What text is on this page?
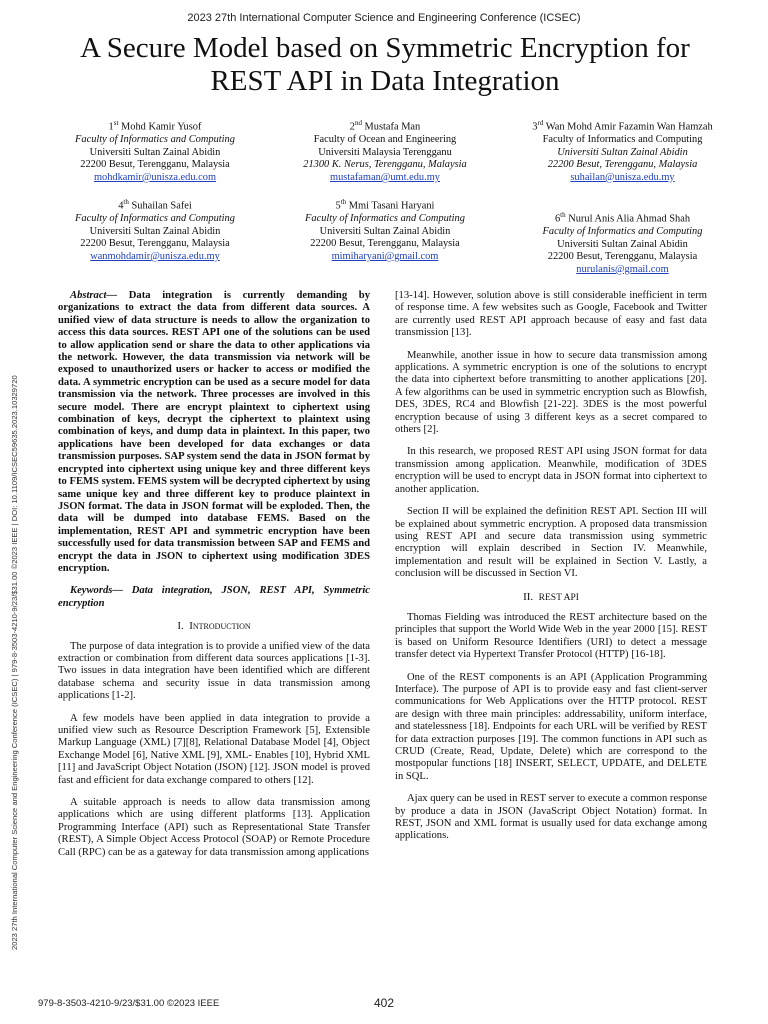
2023 27th International Computer Science and Engineering Conference (ICSEC)
A Secure Model based on Symmetric Encryption for
REST API in Data Integration
1st Mohd Kamir Yusof
Faculty of Informatics and Computing
Universiti Sultan Zainal Abidin
22200 Besut, Terengganu, Malaysia
mohdkamir@unisza.edu.com
2nd Mustafa Man
Faculty of Ocean and Engineering
Universiti Malaysia Terengganu
21300 K. Nerus, Terengganu, Malaysia
mustafaman@umt.edu.my
3rd Wan Mohd Amir Fazamin Wan Hamzah
Faculty of Informatics and Computing
Universiti Sultan Zainal Abidin
22200 Besut, Terengganu, Malaysia
suhailan@unisza.edu.my
4th Suhailan Safei
Faculty of Informatics and Computing
Universiti Sultan Zainal Abidin
22200 Besut, Terengganu, Malaysia
wanmohdamir@unisza.edu.my
5th Mmi Tasani Haryani
Faculty of Informatics and Computing
Universiti Sultan Zainal Abidin
22200 Besut, Terengganu, Malaysia
mimiharyani@gmail.com
6th Nurul Anis Alia Ahmad Shah
Faculty of Informatics and Computing
Universiti Sultan Zainal Abidin
22200 Besut, Terengganu, Malaysia
nurulanis@gmail.com
2023 27th International Computer Science and Engineering Conference (ICSEC) | 979-8-3503-4210-9/23/$31.00 ©2023 IEEE | DOI: 10.1109/ICSEC59635.2023.10329720

Abstract— Data integration is currently demanding by organizations to extract the data from different data sources. A unified view of data structure is needs to allow the organization to access this data sources. REST API one of the solutions can be used to allow application send or share the data to other applications via the network. However, the data transmission via network will be exposed to unauthorized users or hacker to access or modified the data. A symmetric encryption can be used as a secure model for data transmission via the network. Three processes are involved in this secure model. There are encrypt plaintext to ciphertext using combination of keys, decrypt the ciphertext to plaintext using combination of keys, and dump data in plaintext. In this paper, two applications have been developed for data exchanges or data transmission purposes. SAP system send the data in JSON format by encrypted into ciphertext using unique key and three different keys to FEMS system. FEMS system will be decrypted ciphertext by using same unique key and three different key to produce plaintext in JSON format. The data in JSON format will be exploded. Then, the data will be dumped into database FEMS. Based on the implementation, REST API and symmetric encryption have been successfully used for data transmission between SAP and FEMS and encrypt the data in JSON to ciphertext using modification 3DES encryption.

Keywords— Data integration, JSON, REST API, Symmetric encryption

I. Introduction

The purpose of data integration is to provide a unified view of the data extraction or combination from different data sources applications [1-3]. Two issues in data integration have been identified which are different database schema and security issue in data transmission among applications [1-2].

A few models have been applied in data integration to provide a unified view such as Resource Description Framework [5], Extensible Markup Language (XML) [7][8], Relational Database Model [4], Object Exchange Model [6], Native XML [9], XML- Enables [10], Hybrid XML [11] and JavaScript Object Notation (JSON) [12]. JSON model is proved fast and efficient for data exchange compared to others [12].

A suitable approach is needs to allow data transmission among applications which are using different platforms [13]. Application Programming Interface (API) such as Representational State Transfer (REST), A Simple Object Access Protocol (SOAP) or Remote Procedure Call (RPC) can be as a gateway for data transmission among applications

[13-14]. However, solution above is still considerable inefficient in term of response time. A few websites such as Google, Facebook and Twitter are currently used REST API approach because of easy and fast data transmission [13].

Meanwhile, another issue in how to secure data transmission among applications. A symmetric encryption is one of the solutions to encrypt the data into ciphertext before transmitting to another applications [20]. A few algorithms can be used in symmetric encryption such as Blowfish, DES, 3DES, RC4 and Blowfish [21-22]. 3DES is the most powerful encryption because of using 3 different keys as a secret compared to others [2].

In this research, we proposed REST API using JSON format for data transmission among application. Meanwhile, modification of 3DES encryption will be used to encrypt data in JSON format into ciphertext to another application.

Section II will be explained the definition REST API. Section III will be explained about symmetric encryption. A proposed data transmission using REST API and secure data transmission using symmetric encryption will explain described in Section IV. Meanwhile, implementation and result will be explained in Section V. Lastly, a conclusion will be discussed in Section VI.

II. REST API

Thomas Fielding was introduced the REST architecture based on the principles that support the World Wide Web in the year 2000 [15]. REST is based on Uniform Resource Identifiers (URI) to detect a message transfer detect via Hypertext Transfer Protocol (HTTP) [16-18].

One of the REST components is an API (Application Programming Interface). The purpose of API is to provide easy and fast client-server communications for Web Applications over the HTTP protocol. REST are design with three main principles: addressability, uniform interface, and statelessness [18]. Endpoints for each URL will be verified by REST for data extraction purposes [19]. The common functions in API such as CRUD (Create, Read, Update, Delete) which are correspond to the mostpopular functions [18] INSERT, SELECT, UPDATE, and DELETE in SQL.

Ajax query can be used in REST server to execute a common response by produce a data in JSON (JavaScript Object Notation) format. In REST, JSON and XML format is usually used for data exchange among applications.

979-8-3503-4210-9/23/$31.00 ©2023 IEEE	402
